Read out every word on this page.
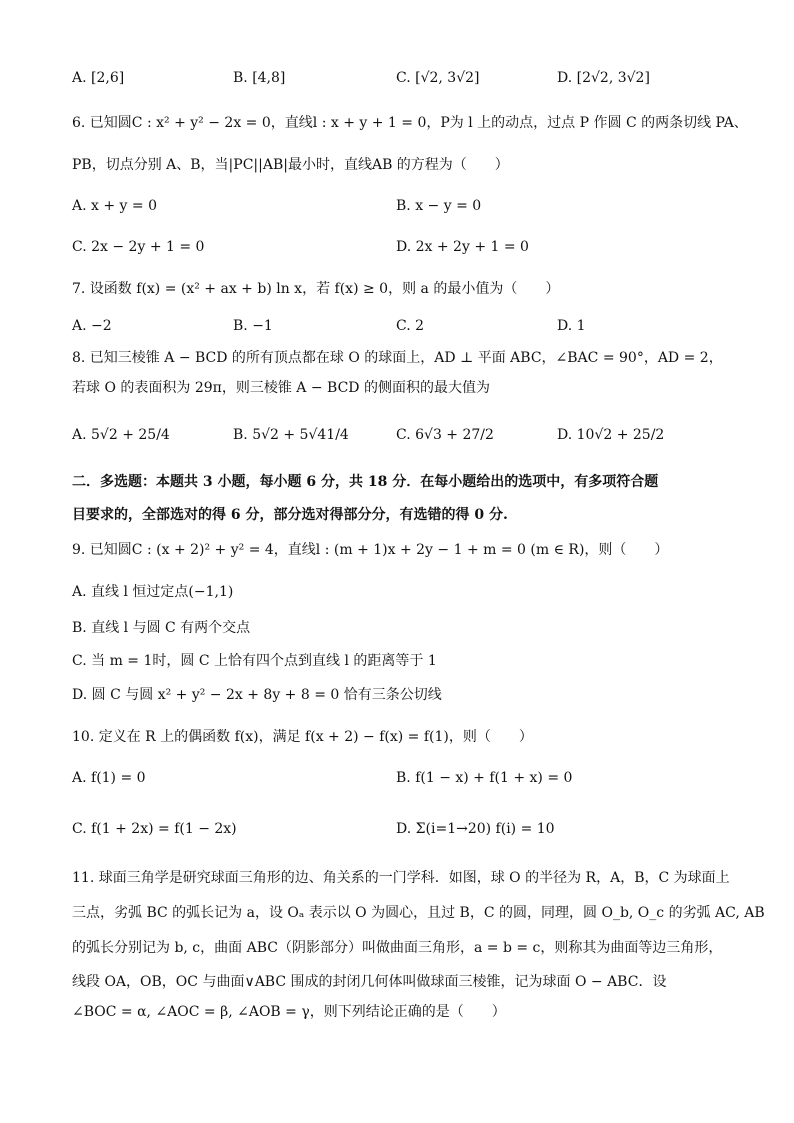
A. [2,6]	B. [4,8]	C. [√2, 3√2]	D. [2√2, 3√2]
6. 已知圆C : x² + y² − 2x = 0，直线l : x + y + 1 = 0，P为 l 上的动点，过点 P 作圆 C 的两条切线 PA、
PB，切点分别 A、B，当|PC||AB|最小时，直线AB 的方程为（　　）
A. x + y = 0	B. x − y = 0
C. 2x − 2y + 1 = 0	D. 2x + 2y + 1 = 0
7. 设函数 f(x) = (x² + ax + b) ln x，若 f(x) ≥ 0，则 a 的最小值为（　　）
A. −2	B. −1	C. 2	D. 1
8. 已知三棱锥 A − BCD 的所有顶点都在球 O 的球面上，AD ⊥ 平面 ABC，∠BAC = 90°，AD = 2，
若球 O 的表面积为 29π，则三棱锥 A − BCD 的侧面积的最大值为
A. 5√2 + 25/4	B. 5√2 + 5√41/4	C. 6√3 + 27/2	D. 10√2 + 25/2
二．多选题：本题共 3 小题，每小题 6 分，共 18 分．在每小题给出的选项中，有多项符合题
目要求的，全部选对的得 6 分，部分选对得部分分，有选错的得 0 分.
9. 已知圆C : (x + 2)² + y² = 4，直线l : (m + 1)x + 2y − 1 + m = 0 (m ∈ R)，则（　　）
A. 直线 l 恒过定点(−1,1)
B. 直线 l 与圆 C 有两个交点
C. 当 m = 1时，圆 C 上恰有四个点到直线 l 的距离等于 1
D. 圆 C 与圆 x² + y² − 2x + 8y + 8 = 0 恰有三条公切线
10. 定义在 R 上的偶函数 f(x)，满足 f(x + 2) − f(x) = f(1)，则（　　）
A. f(1) = 0	B. f(1 − x) + f(1 + x) = 0
C. f(1 + 2x) = f(1 − 2x)	D. Σ(i=1→20) f(i) = 10
11. 球面三角学是研究球面三角形的边、角关系的一门学科．如图，球 O 的半径为 R，A，B，C 为球面上
三点，劣弧 BC 的弧长记为 a，设 Oₐ 表示以 O 为圆心，且过 B，C 的圆，同理，圆 O_b, O_c 的劣弧 AC, AB
的弧长分别记为 b, c，曲面 ABC（阴影部分）叫做曲面三角形，a = b = c，则称其为曲面等边三角形，
线段 OA，OB，OC 与曲面∨ABC 围成的封闭几何体叫做球面三棱锥，记为球面 O − ABC．设
∠BOC = α, ∠AOC = β, ∠AOB = γ，则下列结论正确的是（　　）
